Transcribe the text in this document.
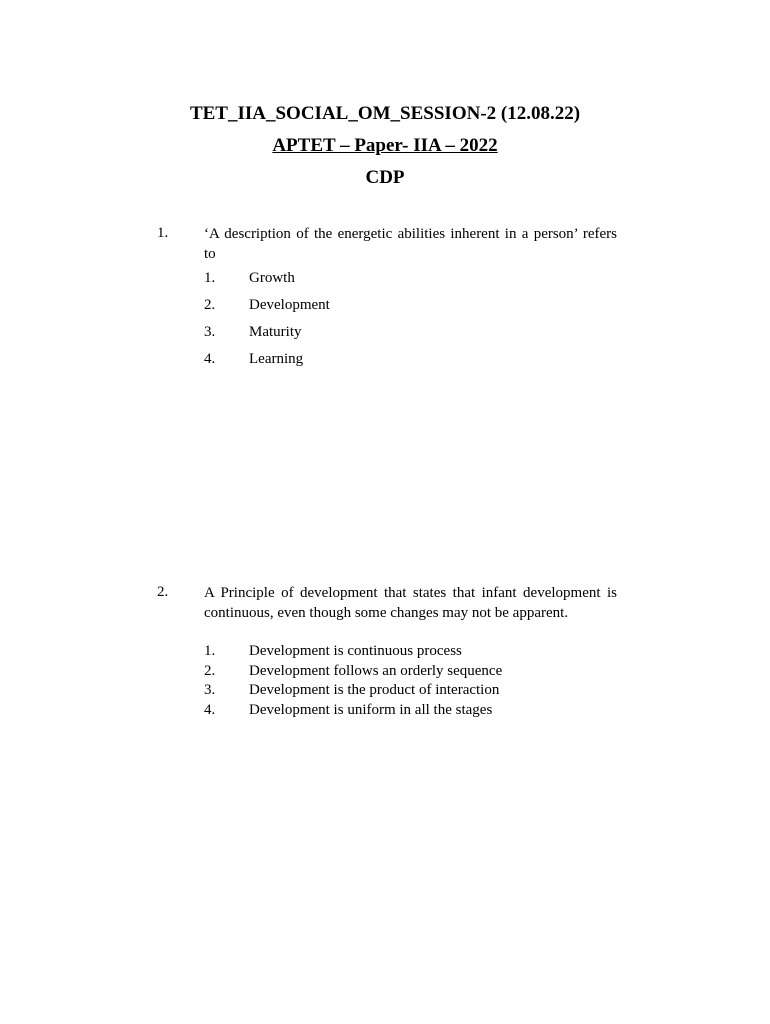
TET_IIA_SOCIAL_OM_SESSION-2 (12.08.22)
APTET – Paper- IIA – 2022
CDP
1. ‘A description of the energetic abilities inherent in a person’ refers to
1. Growth
2. Development
3. Maturity
4. Learning
2. A Principle of development that states that infant development is continuous, even though some changes may not be apparent.
1. Development is continuous process
2. Development follows an orderly sequence
3. Development is the product of interaction
4. Development is uniform in all the stages
